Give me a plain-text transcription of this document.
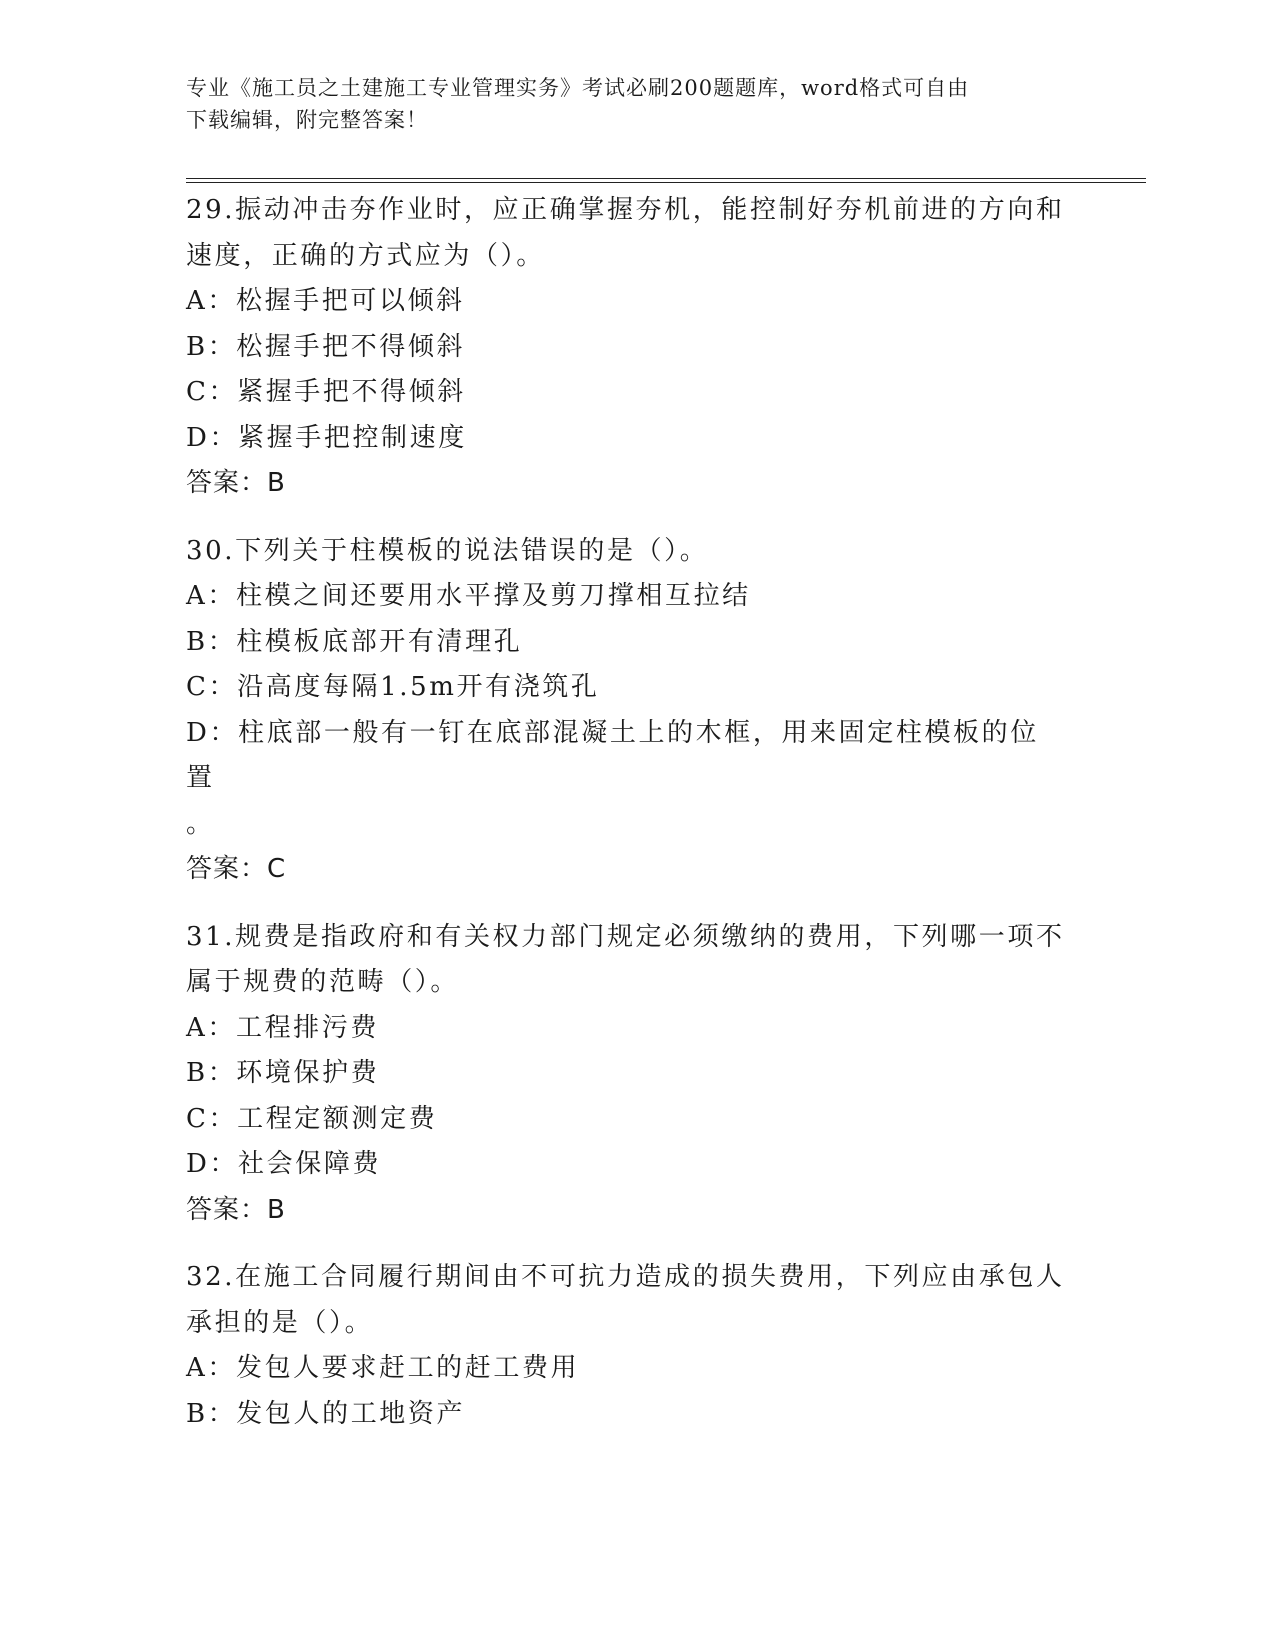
专业《施工员之土建施工专业管理实务》考试必刷200题题库，word格式可自由
下载编辑，附完整答案！
29.振动冲击夯作业时，应正确掌握夯机，能控制好夯机前进的方向和
速度，正确的方式应为（）。
A：松握手把可以倾斜
B：松握手把不得倾斜
C：紧握手把不得倾斜
D：紧握手把控制速度
答案：B
30.下列关于柱模板的说法错误的是（）。
A：柱模之间还要用水平撑及剪刀撑相互拉结
B：柱模板底部开有清理孔
C：沿高度每隔1.5m开有浇筑孔
D：柱底部一般有一钉在底部混凝土上的木框，用来固定柱模板的位置
。
答案：C
31.规费是指政府和有关权力部门规定必须缴纳的费用，下列哪一项不
属于规费的范畴（）。
A：工程排污费
B：环境保护费
C：工程定额测定费
D：社会保障费
答案：B
32.在施工合同履行期间由不可抗力造成的损失费用，下列应由承包人
承担的是（）。
A：发包人要求赶工的赶工费用
B：发包人的工地资产
